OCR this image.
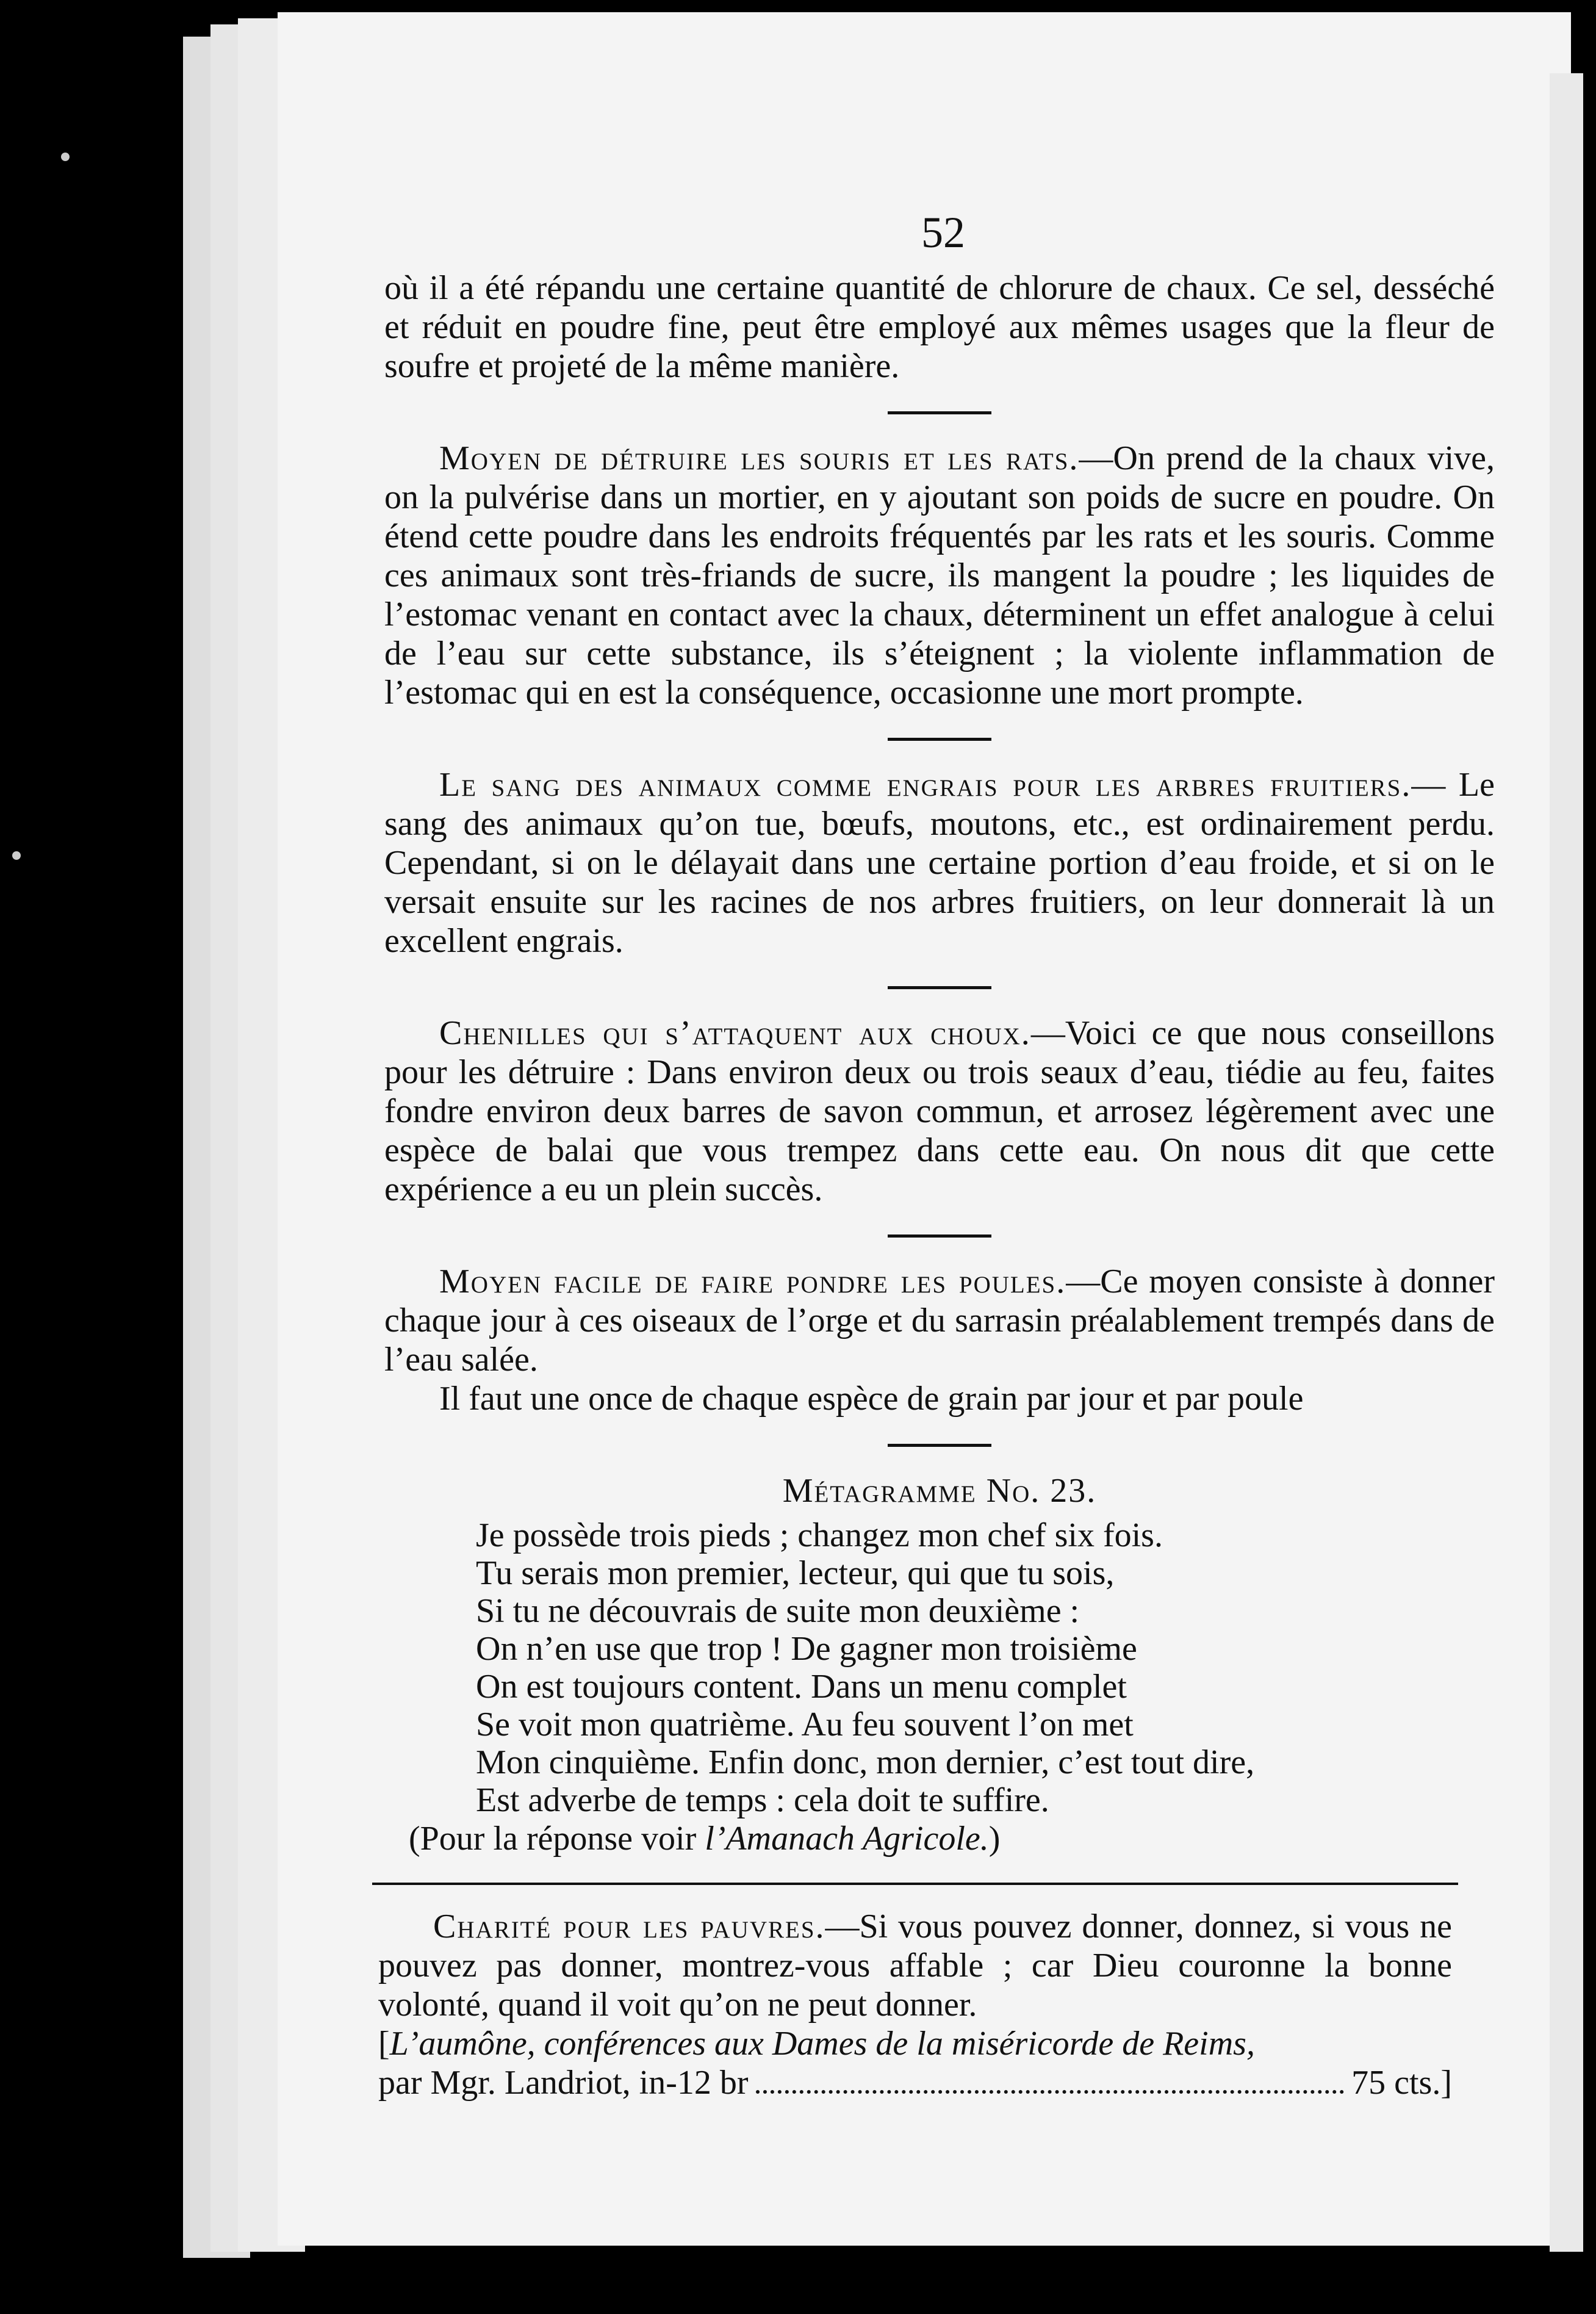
52

où il a été répandu une certaine quantité de chlorure de chaux. Ce sel, desséché et réduit en poudre fine, peut être employé aux mêmes usages que la fleur de soufre et projeté de la même manière.

Moyen de détruire les souris et les rats.—On prend de la chaux vive, on la pulvérise dans un mortier, en y ajoutant son poids de sucre en poudre. On étend cette poudre dans les endroits fréquentés par les rats et les souris. Comme ces animaux sont très-friands de sucre, ils mangent la poudre ; les liquides de l’estomac venant en contact avec la chaux, déterminent un effet analogue à celui de l’eau sur cette substance, ils s’éteignent ; la violente inflammation de l’estomac qui en est la conséquence, occasionne une mort prompte.

Le sang des animaux comme engrais pour les arbres fruitiers.— Le sang des animaux qu’on tue, bœufs, moutons, etc., est ordinairement perdu. Cependant, si on le délayait dans une certaine portion d’eau froide, et si on le versait ensuite sur les racines de nos arbres fruitiers, on leur donnerait là un excellent engrais.

Chenilles qui s’attaquent aux choux.—Voici ce que nous conseillons pour les détruire : Dans environ deux ou trois seaux d’eau, tiédie au feu, faites fondre environ deux barres de savon commun, et arrosez légèrement avec une espèce de balai que vous trempez dans cette eau. On nous dit que cette expérience a eu un plein succès.

Moyen facile de faire pondre les poules.—Ce moyen consiste à donner chaque jour à ces oiseaux de l’orge et du sarrasin préalablement trempés dans de l’eau salée.

Il faut une once de chaque espèce de grain par jour et par poule

Métagramme No. 23.
Je possède trois pieds ; changez mon chef six fois.
Tu serais mon premier, lecteur, qui que tu sois,
Si tu ne découvrais de suite mon deuxième :
On n’en use que trop ! De gagner mon troisième
On est toujours content. Dans un menu complet
Se voit mon quatrième. Au feu souvent l’on met
Mon cinquième. Enfin donc, mon dernier, c’est tout dire,
Est adverbe de temps : cela doit te suffire.
(Pour la réponse voir l’Amanach Agricole.)

Charité pour les pauvres.—Si vous pouvez donner, donnez, si vous ne pouvez pas donner, montrez-vous affable ; car Dieu couronne la bonne volonté, quand il voit qu’on ne peut donner.

[L’aumône, conférences aux Dames de la miséricorde de Reims,

par Mgr. Landriot, in-12 br	75 cts.]
